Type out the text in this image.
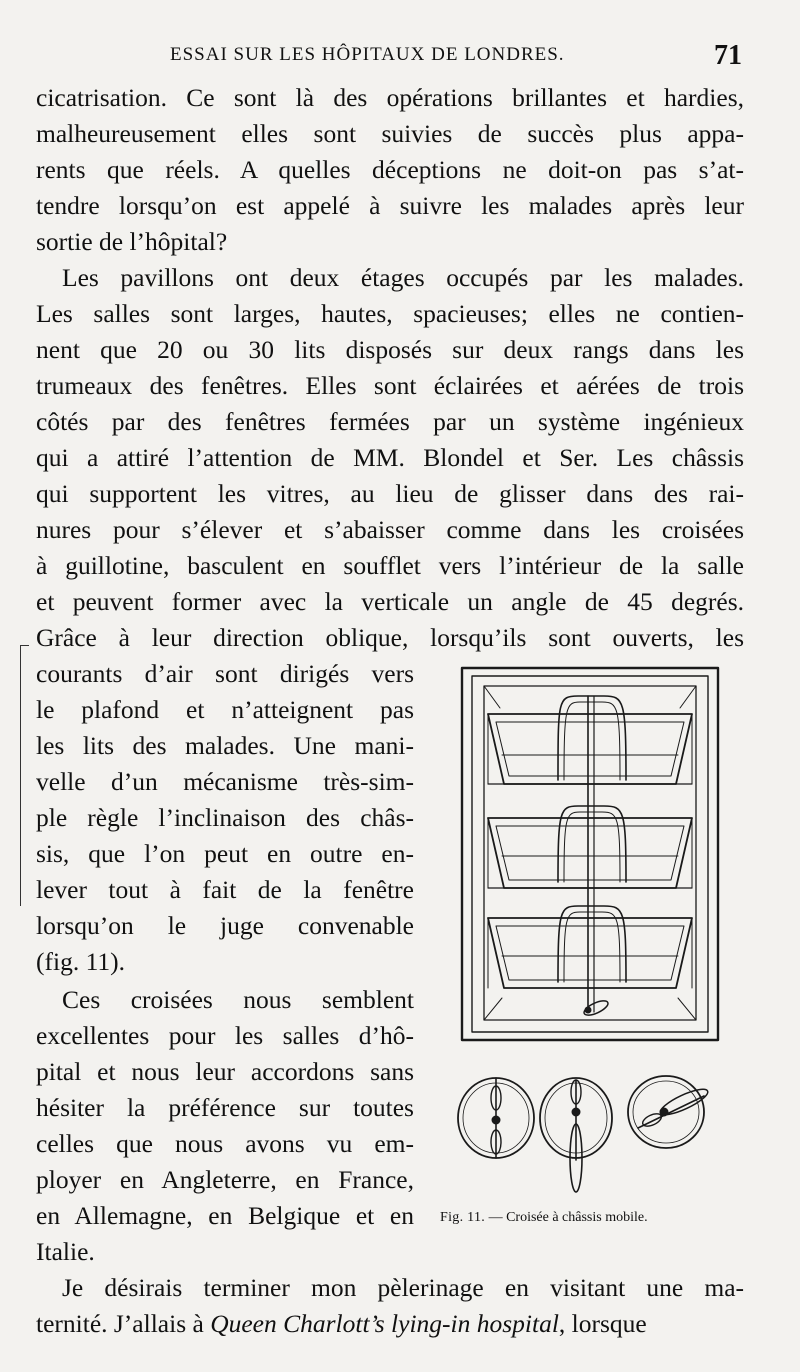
ESSAI SUR LES HÔPITAUX DE LONDRES.	71
cicatrisation. Ce sont là des opérations brillantes et hardies,
malheureusement elles sont suivies de succès plus appa-
rents que réels. A quelles déceptions ne doit-on pas s’at-
tendre lorsqu’on est appelé à suivre les malades après leur
sortie de l’hôpital?
Les pavillons ont deux étages occupés par les malades.
Les salles sont larges, hautes, spacieuses; elles ne contien-
nent que 20 ou 30 lits disposés sur deux rangs dans les
trumeaux des fenêtres. Elles sont éclairées et aérées de trois
côtés par des fenêtres fermées par un système ingénieux
qui a attiré l’attention de MM. Blondel et Ser. Les châssis
qui supportent les vitres, au lieu de glisser dans des rai-
nures pour s’élever et s’abaisser comme dans les croisées
à guillotine, basculent en soufflet vers l’intérieur de la salle
et peuvent former avec la verticale un angle de 45 degrés.
Grâce à leur direction oblique, lorsqu’ils sont ouverts, les
courants d’air sont dirigés vers
le plafond et n’atteignent pas
les lits des malades. Une mani-
velle d’un mécanisme très-sim-
ple règle l’inclinaison des châs-
sis, que l’on peut en outre en-
lever tout à fait de la fenêtre
lorsqu’on le juge convenable
(fig. 11).
Ces croisées nous semblent
excellentes pour les salles d’hô-
pital et nous leur accordons sans
hésiter la préférence sur toutes
celles que nous avons vu em-
ployer en Angleterre, en France,
en Allemagne, en Belgique et en
Italie.
Je désirais terminer mon pèlerinage en visitant une ma-
ternité. J’allais à Queen Charlott’s lying-in hospital, lorsque
Fig. 11. — Croisée à châssis mobile.
